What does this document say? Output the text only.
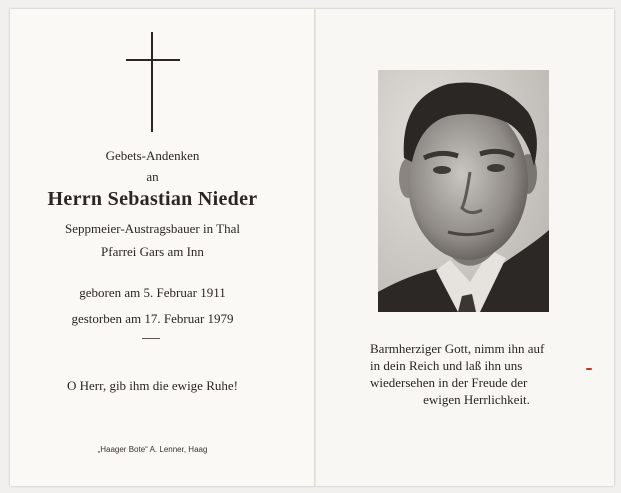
Gebets-Andenken
an
Herrn Sebastian Nieder
Seppmeier-Austragsbauer in Thal
Pfarrei Gars am Inn
geboren am 5. Februar 1911
gestorben am 17. Februar 1979
O Herr, gib ihm die ewige Ruhe!
„Haager Bote“ A. Lenner, Haag
Barmherziger Gott, nimm ihn auf
in dein Reich und laß ihn uns
wiedersehen in der Freude der
ewigen Herrlichkeit.
